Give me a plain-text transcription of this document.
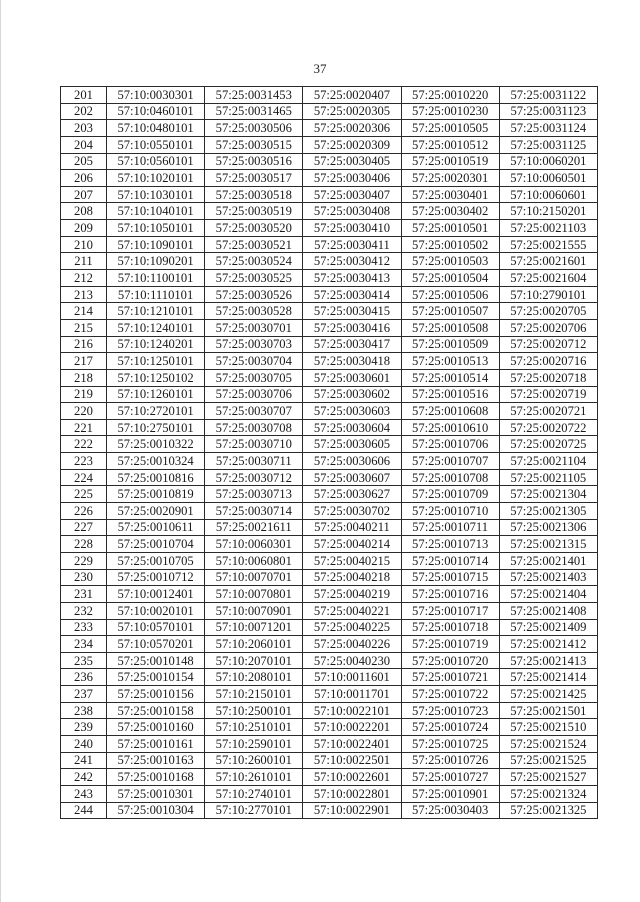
37
201	57:10:0030301	57:25:0031453	57:25:0020407	57:25:0010220	57:25:0031122
202	57:10:0460101	57:25:0031465	57:25:0020305	57:25:0010230	57:25:0031123
203	57:10:0480101	57:25:0030506	57:25:0020306	57:25:0010505	57:25:0031124
204	57:10:0550101	57:25:0030515	57:25:0020309	57:25:0010512	57:25:0031125
205	57:10:0560101	57:25:0030516	57:25:0030405	57:25:0010519	57:10:0060201
206	57:10:1020101	57:25:0030517	57:25:0030406	57:25:0020301	57:10:0060501
207	57:10:1030101	57:25:0030518	57:25:0030407	57:25:0030401	57:10:0060601
208	57:10:1040101	57:25:0030519	57:25:0030408	57:25:0030402	57:10:2150201
209	57:10:1050101	57:25:0030520	57:25:0030410	57:25:0010501	57:25:0021103
210	57:10:1090101	57:25:0030521	57:25:0030411	57:25:0010502	57:25:0021555
211	57:10:1090201	57:25:0030524	57:25:0030412	57:25:0010503	57:25:0021601
212	57:10:1100101	57:25:0030525	57:25:0030413	57:25:0010504	57:25:0021604
213	57:10:1110101	57:25:0030526	57:25:0030414	57:25:0010506	57:10:2790101
214	57:10:1210101	57:25:0030528	57:25:0030415	57:25:0010507	57:25:0020705
215	57:10:1240101	57:25:0030701	57:25:0030416	57:25:0010508	57:25:0020706
216	57:10:1240201	57:25:0030703	57:25:0030417	57:25:0010509	57:25:0020712
217	57:10:1250101	57:25:0030704	57:25:0030418	57:25:0010513	57:25:0020716
218	57:10:1250102	57:25:0030705	57:25:0030601	57:25:0010514	57:25:0020718
219	57:10:1260101	57:25:0030706	57:25:0030602	57:25:0010516	57:25:0020719
220	57:10:2720101	57:25:0030707	57:25:0030603	57:25:0010608	57:25:0020721
221	57:10:2750101	57:25:0030708	57:25:0030604	57:25:0010610	57:25:0020722
222	57:25:0010322	57:25:0030710	57:25:0030605	57:25:0010706	57:25:0020725
223	57:25:0010324	57:25:0030711	57:25:0030606	57:25:0010707	57:25:0021104
224	57:25:0010816	57:25:0030712	57:25:0030607	57:25:0010708	57:25:0021105
225	57:25:0010819	57:25:0030713	57:25:0030627	57:25:0010709	57:25:0021304
226	57:25:0020901	57:25:0030714	57:25:0030702	57:25:0010710	57:25:0021305
227	57:25:0010611	57:25:0021611	57:25:0040211	57:25:0010711	57:25:0021306
228	57:25:0010704	57:10:0060301	57:25:0040214	57:25:0010713	57:25:0021315
229	57:25:0010705	57:10:0060801	57:25:0040215	57:25:0010714	57:25:0021401
230	57:25:0010712	57:10:0070701	57:25:0040218	57:25:0010715	57:25:0021403
231	57:10:0012401	57:10:0070801	57:25:0040219	57:25:0010716	57:25:0021404
232	57:10:0020101	57:10:0070901	57:25:0040221	57:25:0010717	57:25:0021408
233	57:10:0570101	57:10:0071201	57:25:0040225	57:25:0010718	57:25:0021409
234	57:10:0570201	57:10:2060101	57:25:0040226	57:25:0010719	57:25:0021412
235	57:25:0010148	57:10:2070101	57:25:0040230	57:25:0010720	57:25:0021413
236	57:25:0010154	57:10:2080101	57:10:0011601	57:25:0010721	57:25:0021414
237	57:25:0010156	57:10:2150101	57:10:0011701	57:25:0010722	57:25:0021425
238	57:25:0010158	57:10:2500101	57:10:0022101	57:25:0010723	57:25:0021501
239	57:25:0010160	57:10:2510101	57:10:0022201	57:25:0010724	57:25:0021510
240	57:25:0010161	57:10:2590101	57:10:0022401	57:25:0010725	57:25:0021524
241	57:25:0010163	57:10:2600101	57:10:0022501	57:25:0010726	57:25:0021525
242	57:25:0010168	57:10:2610101	57:10:0022601	57:25:0010727	57:25:0021527
243	57:25:0010301	57:10:2740101	57:10:0022801	57:25:0010901	57:25:0021324
244	57:25:0010304	57:10:2770101	57:10:0022901	57:25:0030403	57:25:0021325
